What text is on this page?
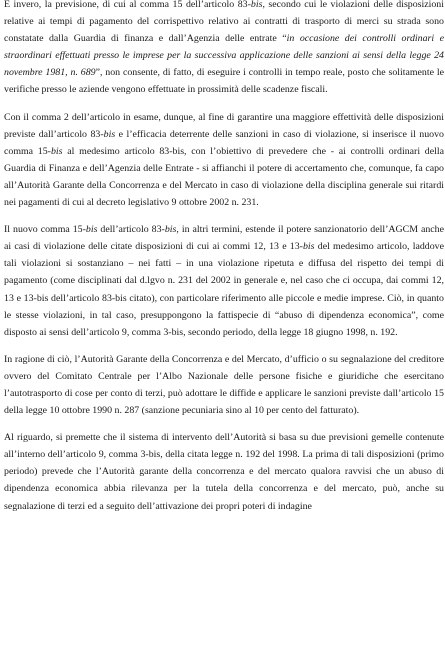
E invero, la previsione, di cui al comma 15 dell’articolo 83-bis, secondo cui le violazioni delle disposizioni relative ai tempi di pagamento del corrispettivo relativo ai contratti di trasporto di merci su strada sono constatate dalla Guardia di finanza e dall’Agenzia delle entrate “in occasione dei controlli ordinari e straordinari effettuati presso le imprese per la successiva applicazione delle sanzioni ai sensi della legge 24 novembre 1981, n. 689”, non consente, di fatto, di eseguire i controlli in tempo reale, posto che solitamente le verifiche presso le aziende vengono effettuate in prossimità delle scadenze fiscali.

Con il comma 2 dell’articolo in esame, dunque, al fine di garantire una maggiore effettività delle disposizioni previste dall’articolo 83-bis e l’efficacia deterrente delle sanzioni in caso di violazione, si inserisce il nuovo comma 15-bis al medesimo articolo 83-bis, con l’obiettivo di prevedere che - ai controlli ordinari della Guardia di Finanza e dell’Agenzia delle Entrate - si affianchi il potere di accertamento che, comunque, fa capo all’Autorità Garante della Concorrenza e del Mercato in caso di violazione della disciplina generale sui ritardi nei pagamenti di cui al decreto legislativo 9 ottobre 2002 n. 231.

Il nuovo comma 15-bis dell’articolo 83-bis, in altri termini, estende il potere sanzionatorio dell’AGCM anche ai casi di violazione delle citate disposizioni di cui ai commi 12, 13 e 13-bis del medesimo articolo, laddove tali violazioni si sostanziano – nei fatti – in una violazione ripetuta e diffusa del rispetto dei tempi di pagamento (come disciplinati dal d.lgvo n. 231 del 2002 in generale e, nel caso che ci occupa, dai commi 12, 13 e 13-bis dell’articolo 83-bis citato), con particolare riferimento alle piccole e medie imprese. Ciò, in quanto le stesse violazioni, in tal caso, presuppongono la fattispecie di “abuso di dipendenza economica”, come disposto ai sensi dell’articolo 9, comma 3-bis, secondo periodo, della legge 18 giugno 1998, n. 192.

In ragione di ciò, l’Autorità Garante della Concorrenza e del Mercato, d’ufficio o su segnalazione del creditore ovvero del Comitato Centrale per l’Albo Nazionale delle persone fisiche e giuridiche che esercitano l’autotrasporto di cose per conto di terzi, può adottare le diffide e applicare le sanzioni previste dall’articolo 15 della legge 10 ottobre 1990 n. 287 (sanzione pecuniaria sino al 10 per cento del fatturato).

Al riguardo, si premette che il sistema di intervento dell’Autorità si basa su due previsioni gemelle contenute all’interno dell’articolo 9, comma 3-bis, della citata legge n. 192 del 1998. La prima di tali disposizioni (primo periodo) prevede che l’Autorità garante della concorrenza e del mercato qualora ravvisi che un abuso di dipendenza economica abbia rilevanza per la tutela della concorrenza e del mercato, può, anche su segnalazione di terzi ed a seguito dell’attivazione dei propri poteri di indagine
